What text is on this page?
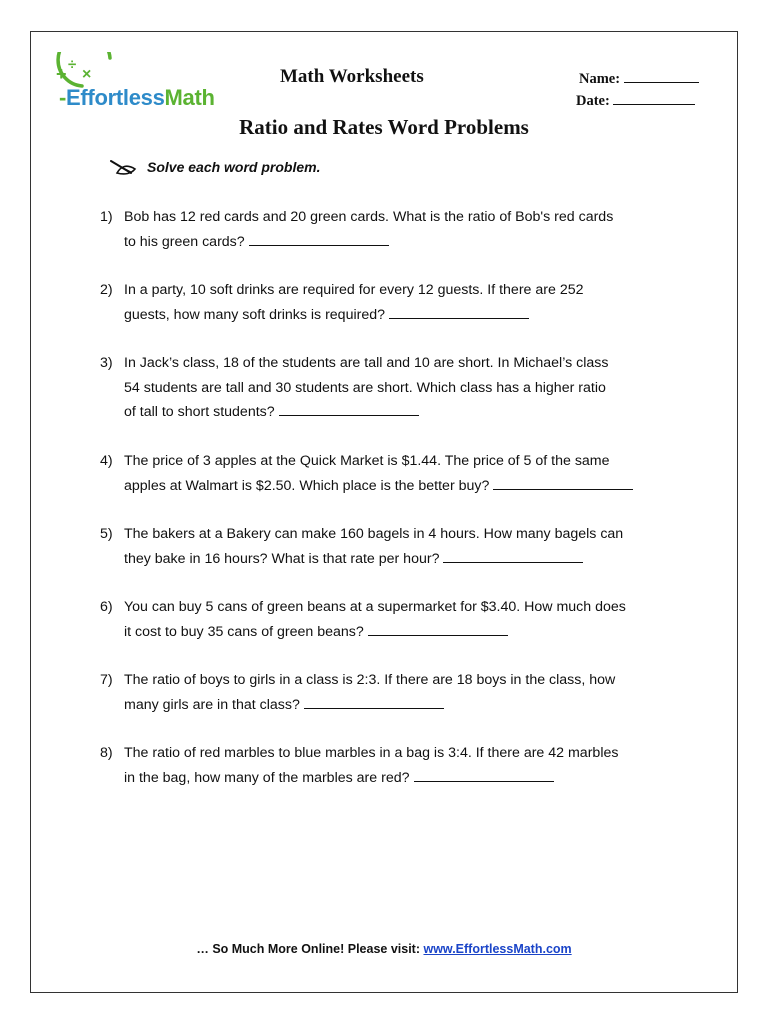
+ ÷
×
-EffortlessMath
Math Worksheets	Name:
Date:
Ratio and Rates Word Problems
Solve each word problem.
1) Bob has 12 red cards and 20 green cards. What is the ratio of Bob's red cards
to his green cards?
2) In a party, 10 soft drinks are required for every 12 guests. If there are 252
guests, how many soft drinks is required?
3) In Jack’s class, 18 of the students are tall and 10 are short. In Michael’s class
54 students are tall and 30 students are short. Which class has a higher ratio
of tall to short students?
4) The price of 3 apples at the Quick Market is $1.44. The price of 5 of the same
apples at Walmart is $2.50. Which place is the better buy?
5) The bakers at a Bakery can make 160 bagels in 4 hours. How many bagels can
they bake in 16 hours? What is that rate per hour?
6) You can buy 5 cans of green beans at a supermarket for $3.40. How much does
it cost to buy 35 cans of green beans?
7) The ratio of boys to girls in a class is 2:3. If there are 18 boys in the class, how
many girls are in that class?
8) The ratio of red marbles to blue marbles in a bag is 3:4. If there are 42 marbles
in the bag, how many of the marbles are red?
… So Much More Online! Please visit: www.EffortlessMath.com
